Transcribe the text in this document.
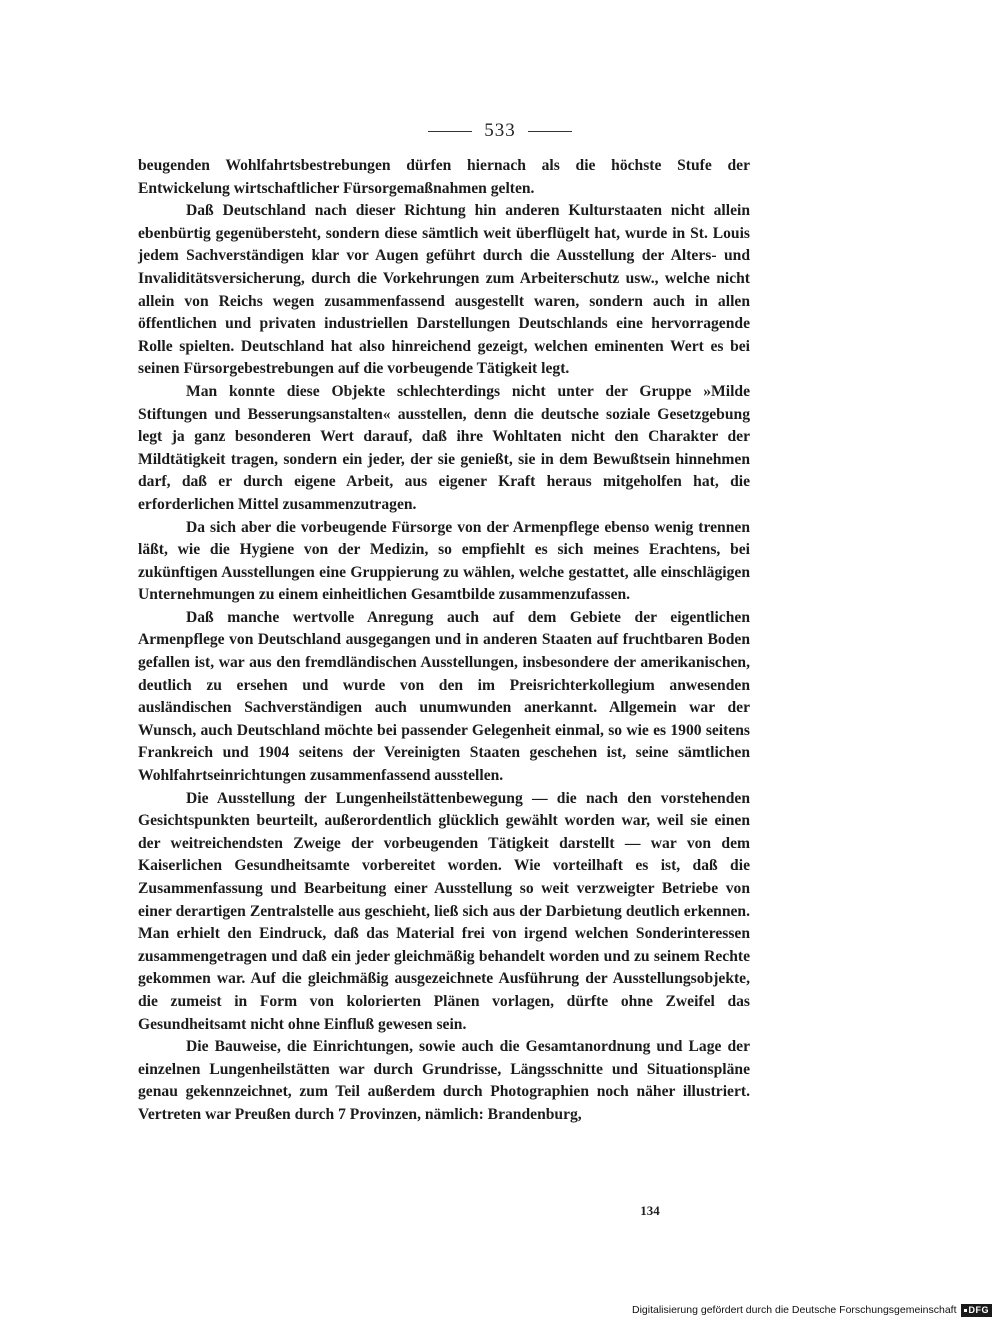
533

beugenden Wohlfahrtsbestrebungen dürfen hiernach als die höchste Stufe der Entwickelung wirtschaftlicher Fürsorgemaßnahmen gelten.

Daß Deutschland nach dieser Richtung hin anderen Kulturstaaten nicht allein ebenbürtig gegenübersteht, sondern diese sämtlich weit überflügelt hat, wurde in St. Louis jedem Sachverständigen klar vor Augen geführt durch die Ausstellung der Alters- und Invaliditätsversicherung, durch die Vorkehrungen zum Arbeiterschutz usw., welche nicht allein von Reichs wegen zusammenfassend ausgestellt waren, sondern auch in allen öffentlichen und privaten industriellen Darstellungen Deutschlands eine hervorragende Rolle spielten. Deutschland hat also hinreichend gezeigt, welchen eminenten Wert es bei seinen Fürsorgebestrebungen auf die vorbeugende Tätigkeit legt.

Man konnte diese Objekte schlechterdings nicht unter der Gruppe »Milde Stiftungen und Besserungsanstalten« ausstellen, denn die deutsche soziale Gesetzgebung legt ja ganz besonderen Wert darauf, daß ihre Wohltaten nicht den Charakter der Mildtätigkeit tragen, sondern ein jeder, der sie genießt, sie in dem Bewußtsein hinnehmen darf, daß er durch eigene Arbeit, aus eigener Kraft heraus mitgeholfen hat, die erforderlichen Mittel zusammenzutragen.

Da sich aber die vorbeugende Fürsorge von der Armenpflege ebenso wenig trennen läßt, wie die Hygiene von der Medizin, so empfiehlt es sich meines Erachtens, bei zukünftigen Ausstellungen eine Gruppierung zu wählen, welche gestattet, alle einschlägigen Unternehmungen zu einem einheitlichen Gesamtbilde zusammenzufassen.

Daß manche wertvolle Anregung auch auf dem Gebiete der eigentlichen Armenpflege von Deutschland ausgegangen und in anderen Staaten auf fruchtbaren Boden gefallen ist, war aus den fremdländischen Ausstellungen, insbesondere der amerikanischen, deutlich zu ersehen und wurde von den im Preisrichterkollegium anwesenden ausländischen Sachverständigen auch unumwunden anerkannt. Allgemein war der Wunsch, auch Deutschland möchte bei passender Gelegenheit einmal, so wie es 1900 seitens Frankreich und 1904 seitens der Vereinigten Staaten geschehen ist, seine sämtlichen Wohlfahrtseinrichtungen zusammenfassend ausstellen.

Die Ausstellung der Lungenheilstättenbewegung — die nach den vorstehenden Gesichtspunkten beurteilt, außerordentlich glücklich gewählt worden war, weil sie einen der weitreichendsten Zweige der vorbeugenden Tätigkeit darstellt — war von dem Kaiserlichen Gesundheitsamte vorbereitet worden. Wie vorteilhaft es ist, daß die Zusammenfassung und Bearbeitung einer Ausstellung so weit verzweigter Betriebe von einer derartigen Zentralstelle aus geschieht, ließ sich aus der Darbietung deutlich erkennen. Man erhielt den Eindruck, daß das Material frei von irgend welchen Sonderinteressen zusammengetragen und daß ein jeder gleichmäßig behandelt worden und zu seinem Rechte gekommen war. Auf die gleichmäßig ausgezeichnete Ausführung der Ausstellungsobjekte, die zumeist in Form von kolorierten Plänen vorlagen, dürfte ohne Zweifel das Gesundheitsamt nicht ohne Einfluß gewesen sein.

Die Bauweise, die Einrichtungen, sowie auch die Gesamtanordnung und Lage der einzelnen Lungenheilstätten war durch Grundrisse, Längsschnitte und Situationspläne genau gekennzeichnet, zum Teil außerdem durch Photographien noch näher illustriert. Vertreten war Preußen durch 7 Provinzen, nämlich: Brandenburg,

134
Digitalisierung gefördert durch die Deutsche Forschungsgemeinschaft DFG
